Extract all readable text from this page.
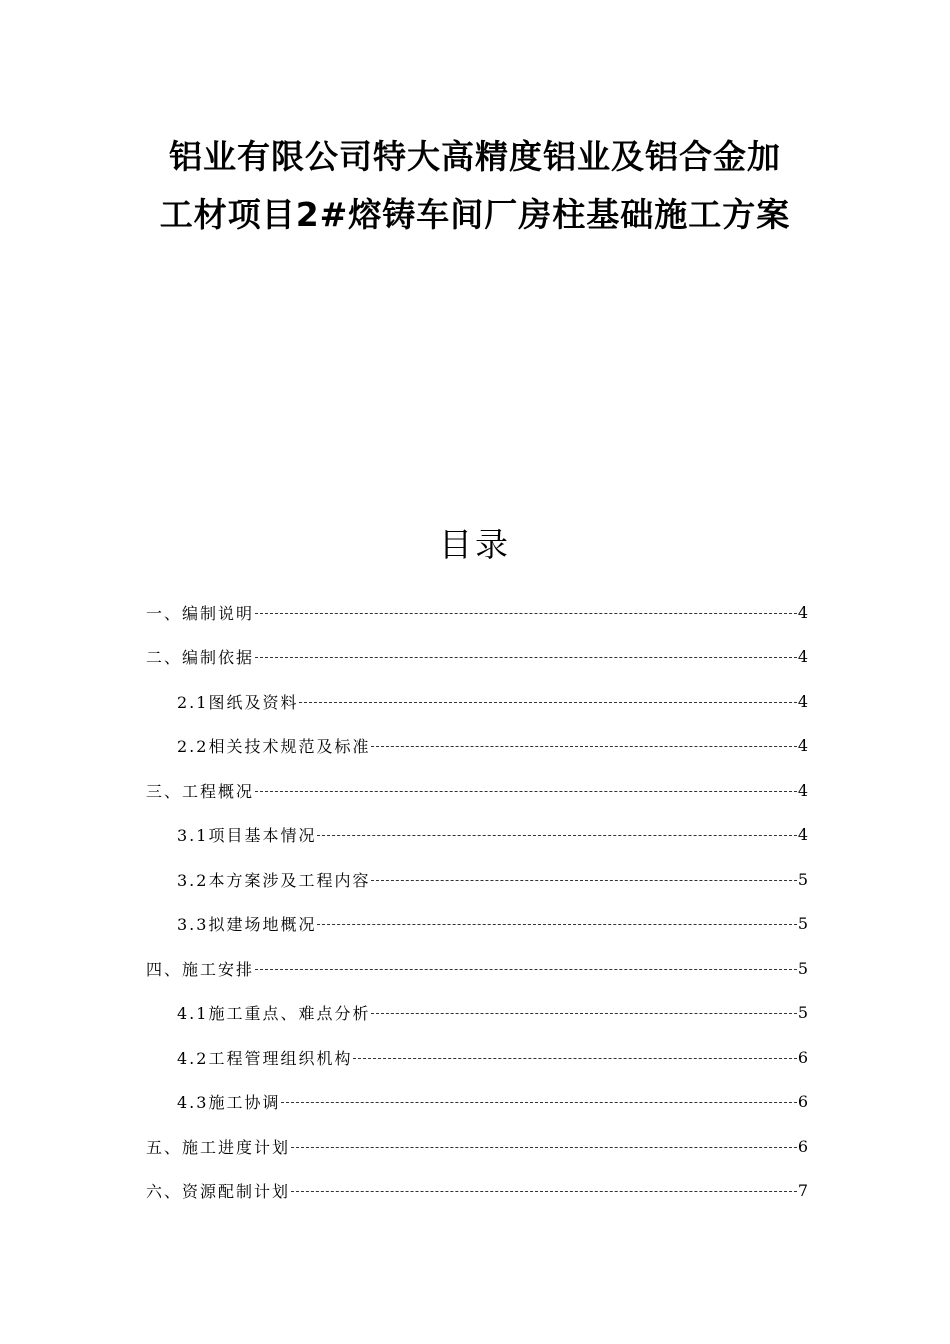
铝业有限公司特大高精度铝业及铝合金加
工材项目2#熔铸车间厂房柱基础施工方案
目录
一、编制说明	4
二、编制依据	4
2.1图纸及资料	4
2.2相关技术规范及标准	4
三、工程概况	4
3.1项目基本情况	4
3.2本方案涉及工程内容	5
3.3拟建场地概况	5
四、施工安排	5
4.1施工重点、难点分析	5
4.2工程管理组织机构	6
4.3施工协调	6
五、施工进度计划	6
六、资源配制计划	7
